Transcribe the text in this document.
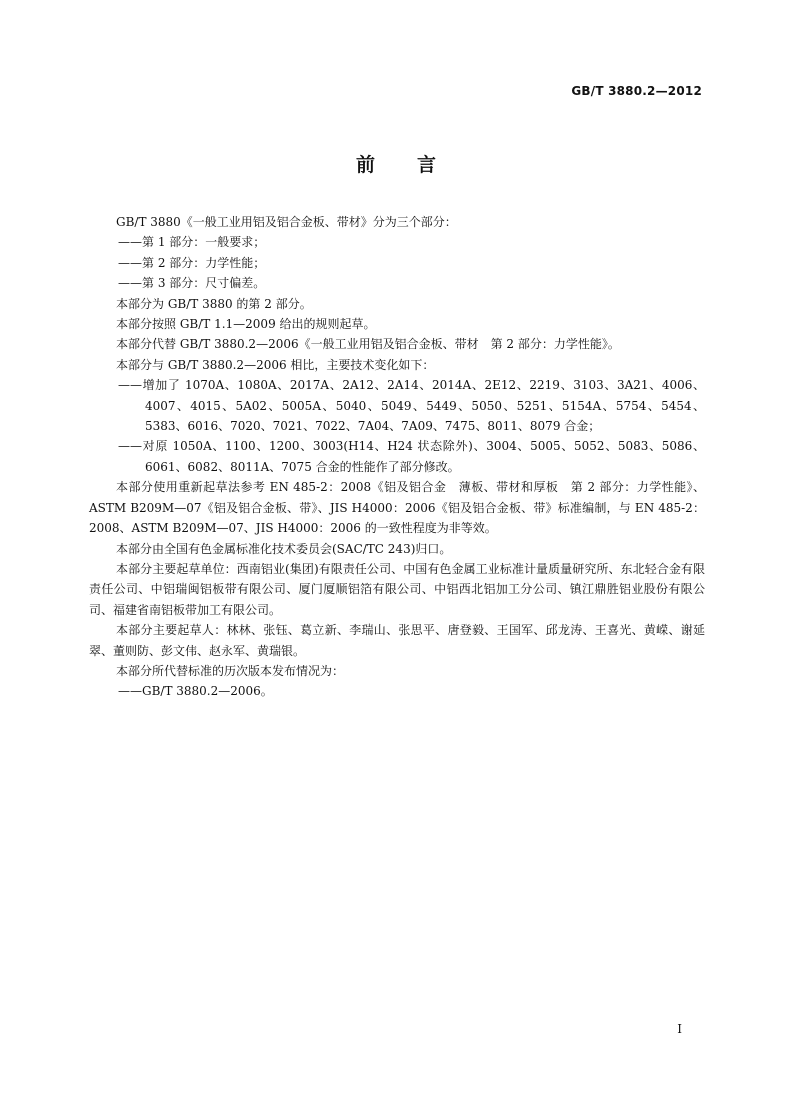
GB/T 3880.2—2012
前言

GB/T 3880《一般工业用铝及铝合金板、带材》分为三个部分：

——第 1 部分：一般要求；

——第 2 部分：力学性能；

——第 3 部分：尺寸偏差。

本部分为 GB/T 3880 的第 2 部分。

本部分按照 GB/T 1.1—2009 给出的规则起草。

本部分代替 GB/T 3880.2—2006《一般工业用铝及铝合金板、带材　第 2 部分：力学性能》。

本部分与 GB/T 3880.2—2006 相比，主要技术变化如下：

——增加了 1070A、1080A、2017A、2A12、2A14、2014A、2E12、2219、3103、3A21、4006、4007、4015、5A02、5005A、5040、5049、5449、5050、5251、5154A、5754、5454、5383、6016、7020、7021、7022、7A04、7A09、7475、8011、8079 合金；

——对原 1050A、1100、1200、3003(H14、H24 状态除外)、3004、5005、5052、5083、5086、6061、6082、8011A、7075 合金的性能作了部分修改。

本部分使用重新起草法参考 EN 485-2：2008《铝及铝合金　薄板、带材和厚板　第 2 部分：力学性能》、ASTM B209M—07《铝及铝合金板、带》、JIS H4000：2006《铝及铝合金板、带》标准编制，与 EN 485-2：2008、ASTM B209M—07、JIS H4000：2006 的一致性程度为非等效。

本部分由全国有色金属标准化技术委员会(SAC/TC 243)归口。

本部分主要起草单位：西南铝业(集团)有限责任公司、中国有色金属工业标准计量质量研究所、东北轻合金有限责任公司、中铝瑞闽铝板带有限公司、厦门厦顺铝箔有限公司、中铝西北铝加工分公司、镇江鼎胜铝业股份有限公司、福建省南铝板带加工有限公司。

本部分主要起草人：林林、张钰、葛立新、李瑞山、张思平、唐登毅、王国军、邱龙涛、王喜光、黄嵘、谢延翠、董则防、彭文伟、赵永军、黄瑞银。

本部分所代替标准的历次版本发布情况为：

——GB/T 3880.2—2006。

I
